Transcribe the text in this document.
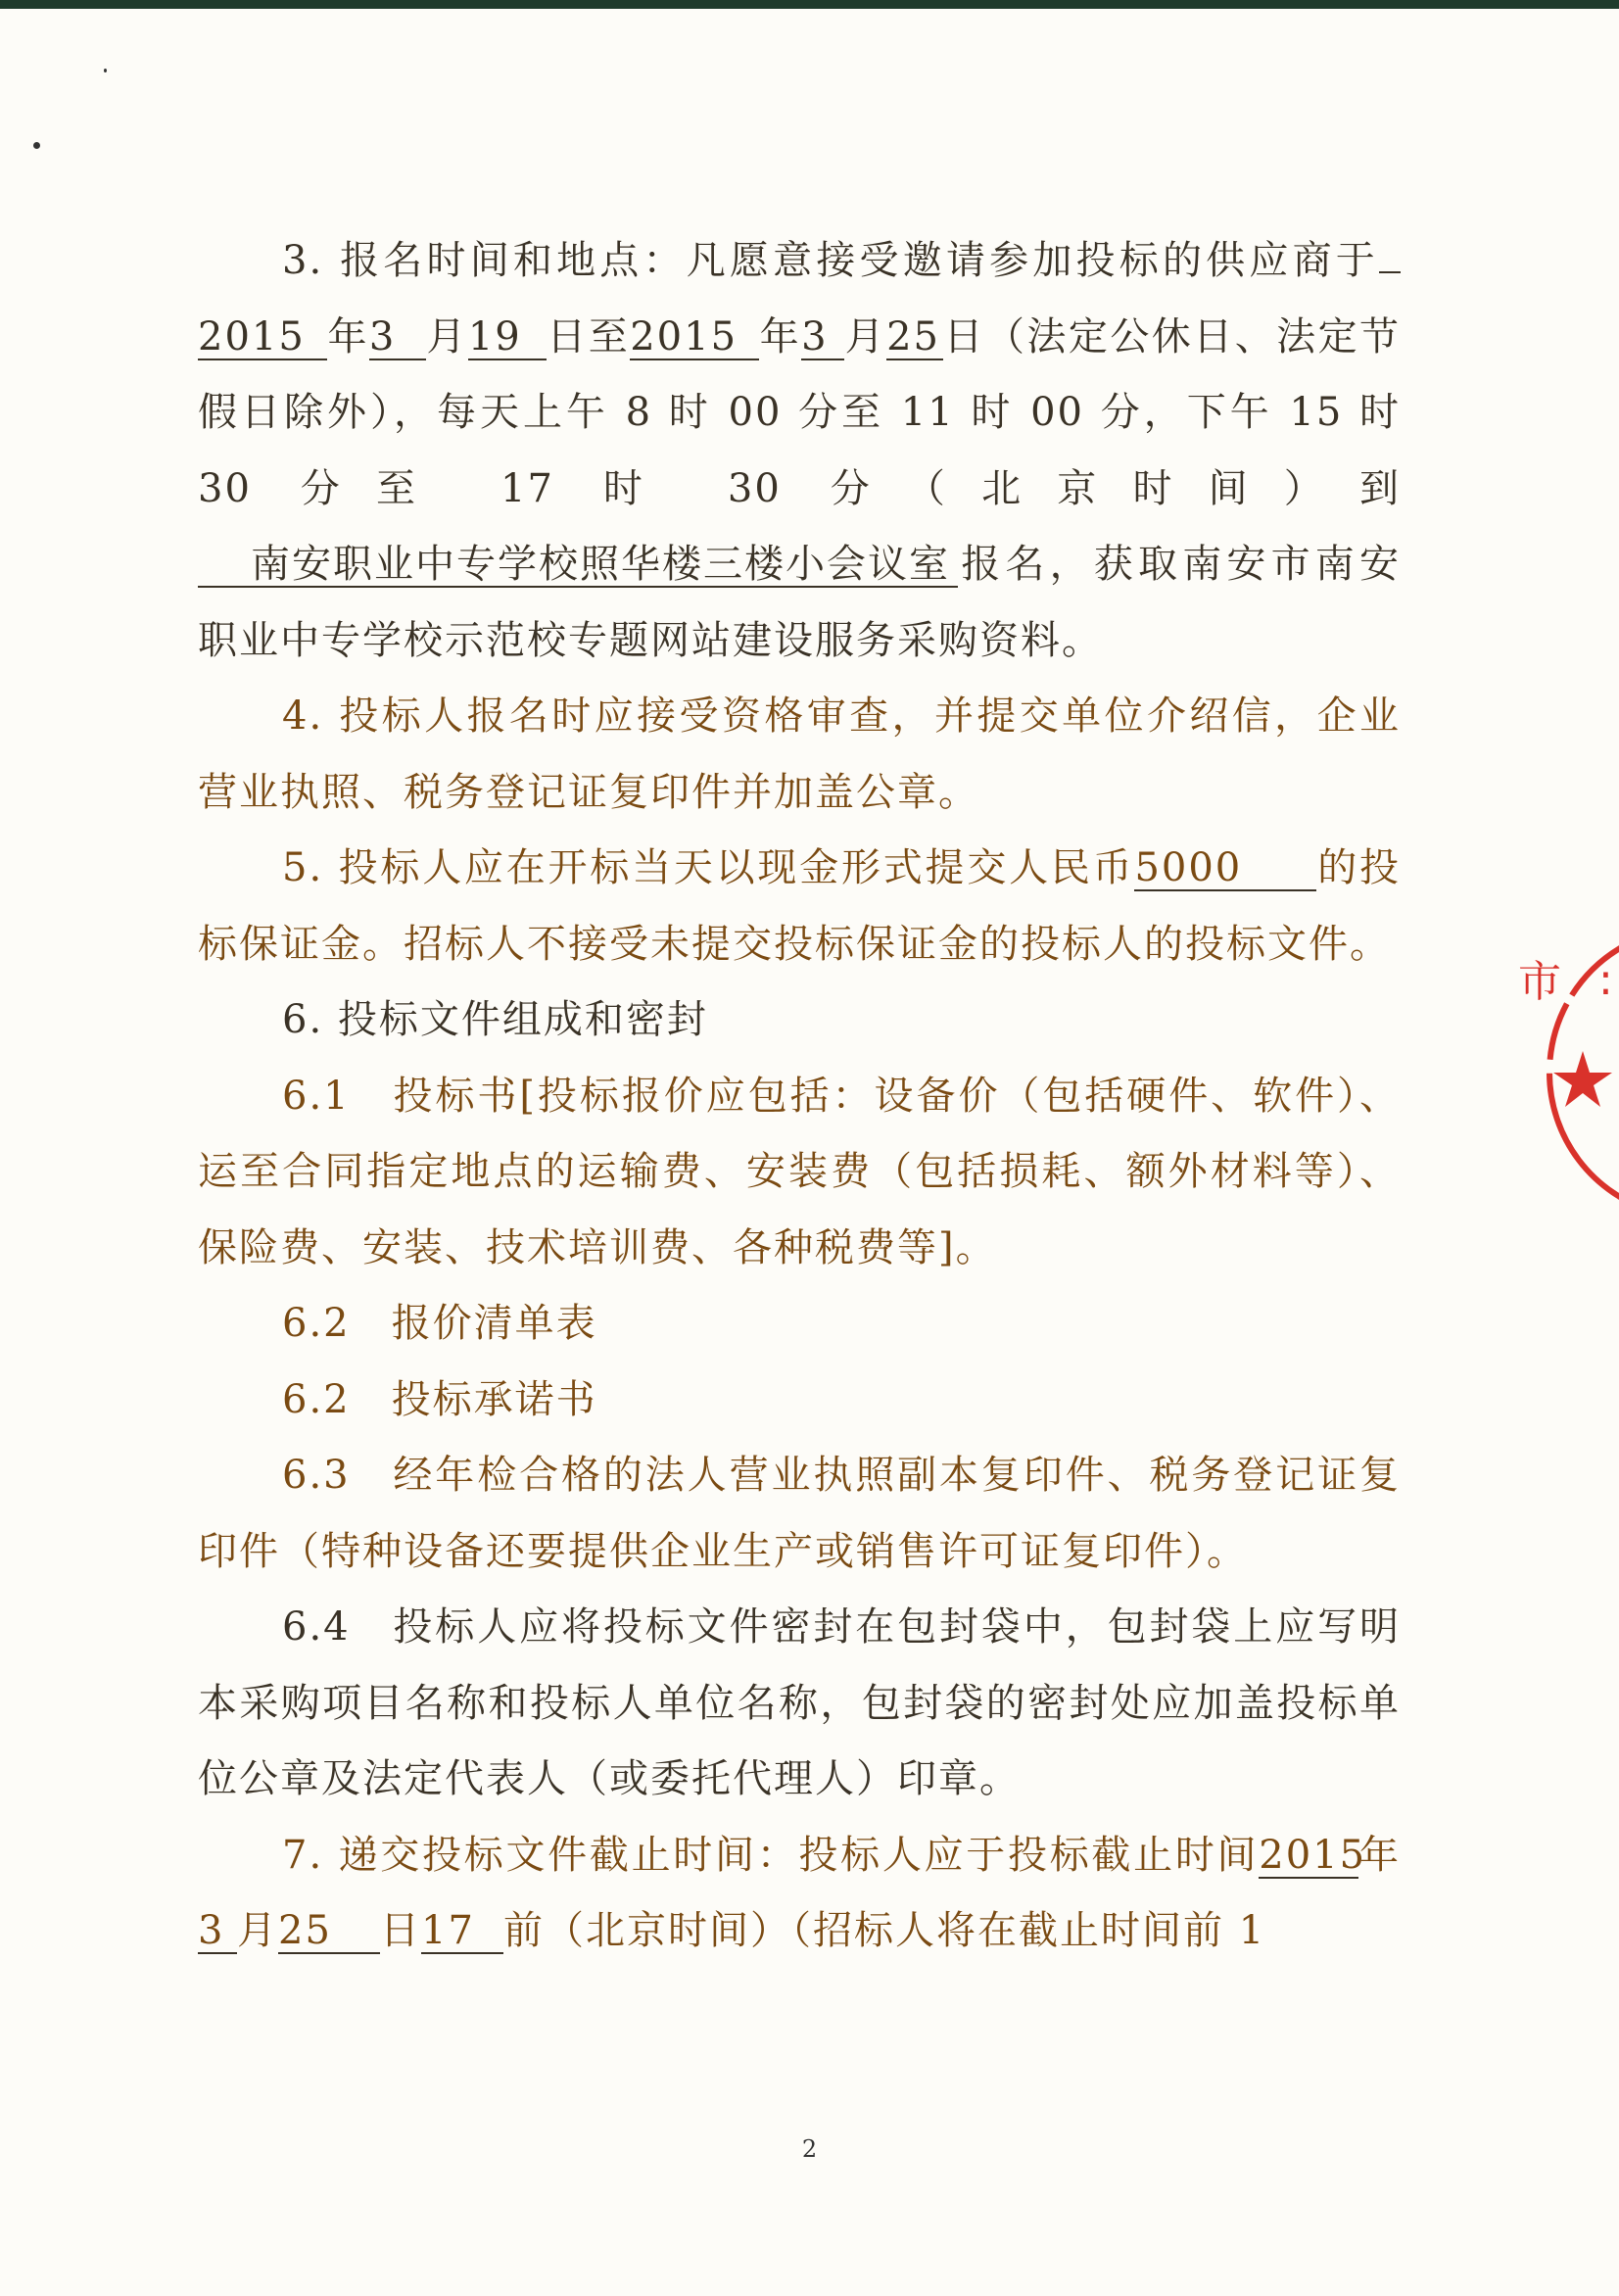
3. 报名时间和地点：凡愿意接受邀请参加投标的供应商于2015 年3 月19 日至2015 年3 月25日（法定公休日、法定节假日除外），每天上午 8 时 00 分至 11 时 00 分，下午 15 时 30 分至 17 时 30 分（北京时间）到南安职业中专学校照华楼三楼小会议室 报名，获取南安市南安职业中专学校示范校专题网站建设服务采购资料。

4. 投标人报名时应接受资格审查，并提交单位介绍信，企业营业执照、税务登记证复印件并加盖公章。

5. 投标人应在开标当天以现金形式提交人民币5000 的投标保证金。招标人不接受未提交投标保证金的投标人的投标文件。

6. 投标文件组成和密封

6.1　投标书[投标报价应包括：设备价（包括硬件、软件）、运至合同指定地点的运输费、安装费（包括损耗、额外材料等）、保险费、安装、技术培训费、各种税费等]。

6.2　报价清单表

6.2　投标承诺书

6.3　经年检合格的法人营业执照副本复印件、税务登记证复印件（特种设备还要提供企业生产或销售许可证复印件）。

6.4　投标人应将投标文件密封在包封袋中，包封袋上应写明本采购项目名称和投标人单位名称，包封袋的密封处应加盖投标单位公章及法定代表人（或委托代理人）印章。

7. 递交投标文件截止时间：投标人应于投标截止时间2015年3 月25 日17 前（北京时间）（招标人将在截止时间前 1

2
市 :
